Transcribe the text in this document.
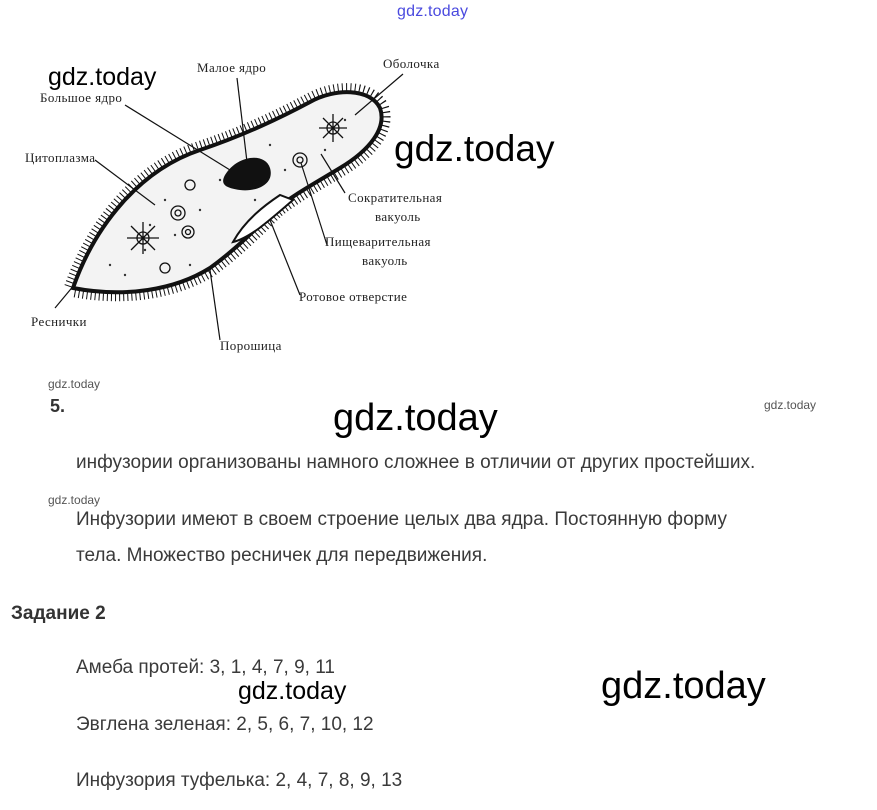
gdz.today
Малое ядро	Оболочка
Большое ядро
Цитоплазма
Сократительная
вакуоль
Пищеварительная
вакуоль
Ротовое отверстие
Реснички
Порошица
gdz.today
gdz.today
gdz.today
5.	gdz.today	gdz.today
инфузории организованы намного сложнее в отличии от других простейших.
gdz.today
Инфузории имеют в своем строение целых два ядра. Постоянную форму
тела. Множество ресничек для передвижения.
Задание 2
Амеба протей: 3, 1, 4, 7, 9, 11
gdz.today	gdz.today
Эвглена зеленая: 2, 5, 6, 7, 10, 12
Инфузория туфелька: 2, 4, 7, 8, 9, 13
